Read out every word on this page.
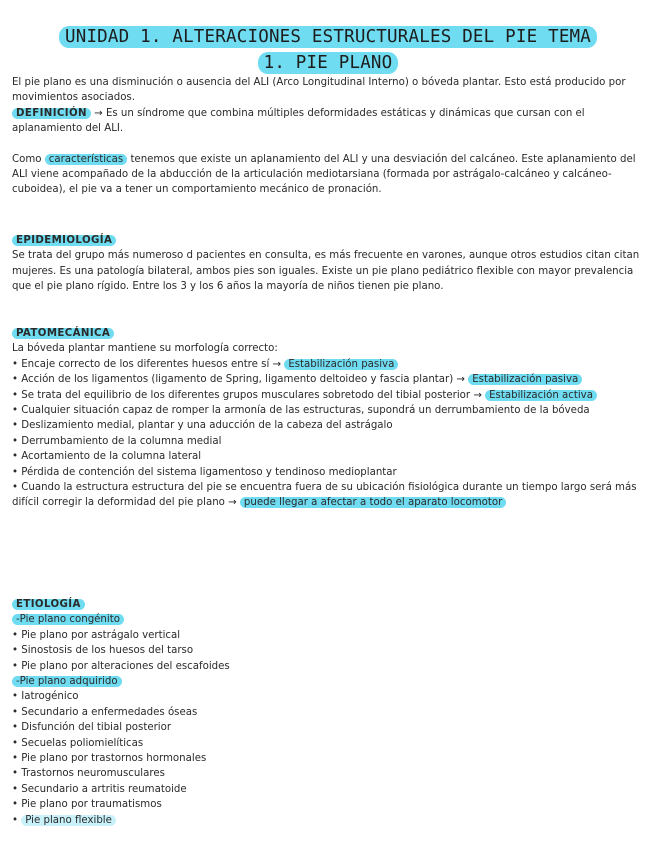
UNIDAD 1. ALTERACIONES ESTRUCTURALES DEL PIE TEMA
1. PIE PLANO

El pie plano es una disminución o ausencia del ALI (Arco Longitudinal Interno) o bóveda plantar. Esto está producido por movimientos asociados.

DEFINICIÓN → Es un síndrome que combina múltiples deformidades estáticas y dinámicas que cursan con el aplanamiento del ALI.

Como características tenemos que existe un aplanamiento del ALI y una desviación del calcáneo. Este aplanamiento del ALI viene acompañado de la abducción de la articulación mediotarsiana (formada por astrágalo-calcáneo y calcáneo-cuboidea), el pie va a tener un comportamiento mecánico de pronación.

EPIDEMIOLOGÍA

Se trata del grupo más numeroso d pacientes en consulta, es más frecuente en varones, aunque otros estudios citan citan mujeres. Es una patología bilateral, ambos pies son iguales. Existe un pie plano pediátrico flexible con mayor prevalencia que el pie plano rígido. Entre los 3 y los 6 años la mayoría de niños tienen pie plano.

PATOMECÁNICA

La bóveda plantar mantiene su morfología correcto:

• Encaje correcto de los diferentes huesos entre sí → Estabilización pasiva
• Acción de los ligamentos (ligamento de Spring, ligamento deltoideo y fascia plantar) → Estabilización pasiva
• Se trata del equilibrio de los diferentes grupos musculares sobretodo del tibial posterior → Estabilización activa
• Cualquier situación capaz de romper la armonía de las estructuras, supondrá un derrumbamiento de la bóveda
• Deslizamiento medial, plantar y una aducción de la cabeza del astrágalo
• Derrumbamiento de la columna medial
• Acortamiento de la columna lateral
• Pérdida de contención del sistema ligamentoso y tendinoso medioplantar
• Cuando la estructura estructura del pie se encuentra fuera de su ubicación fisiológica durante un tiempo largo será más difícil corregir la deformidad del pie plano → puede llegar a afectar a todo el aparato locomotor

ETIOLOGÍA

-Pie plano congénito

• Pie plano por astrágalo vertical
• Sinostosis de los huesos del tarso
• Pie plano por alteraciones del escafoides

-Pie plano adquirido

• Iatrogénico
• Secundario a enfermedades óseas
• Disfunción del tibial posterior
• Secuelas poliomielíticas
• Pie plano por trastornos hormonales
• Trastornos neuromusculares
• Secundario a artritis reumatoide
• Pie plano por traumatismos
• Pie plano flexible
